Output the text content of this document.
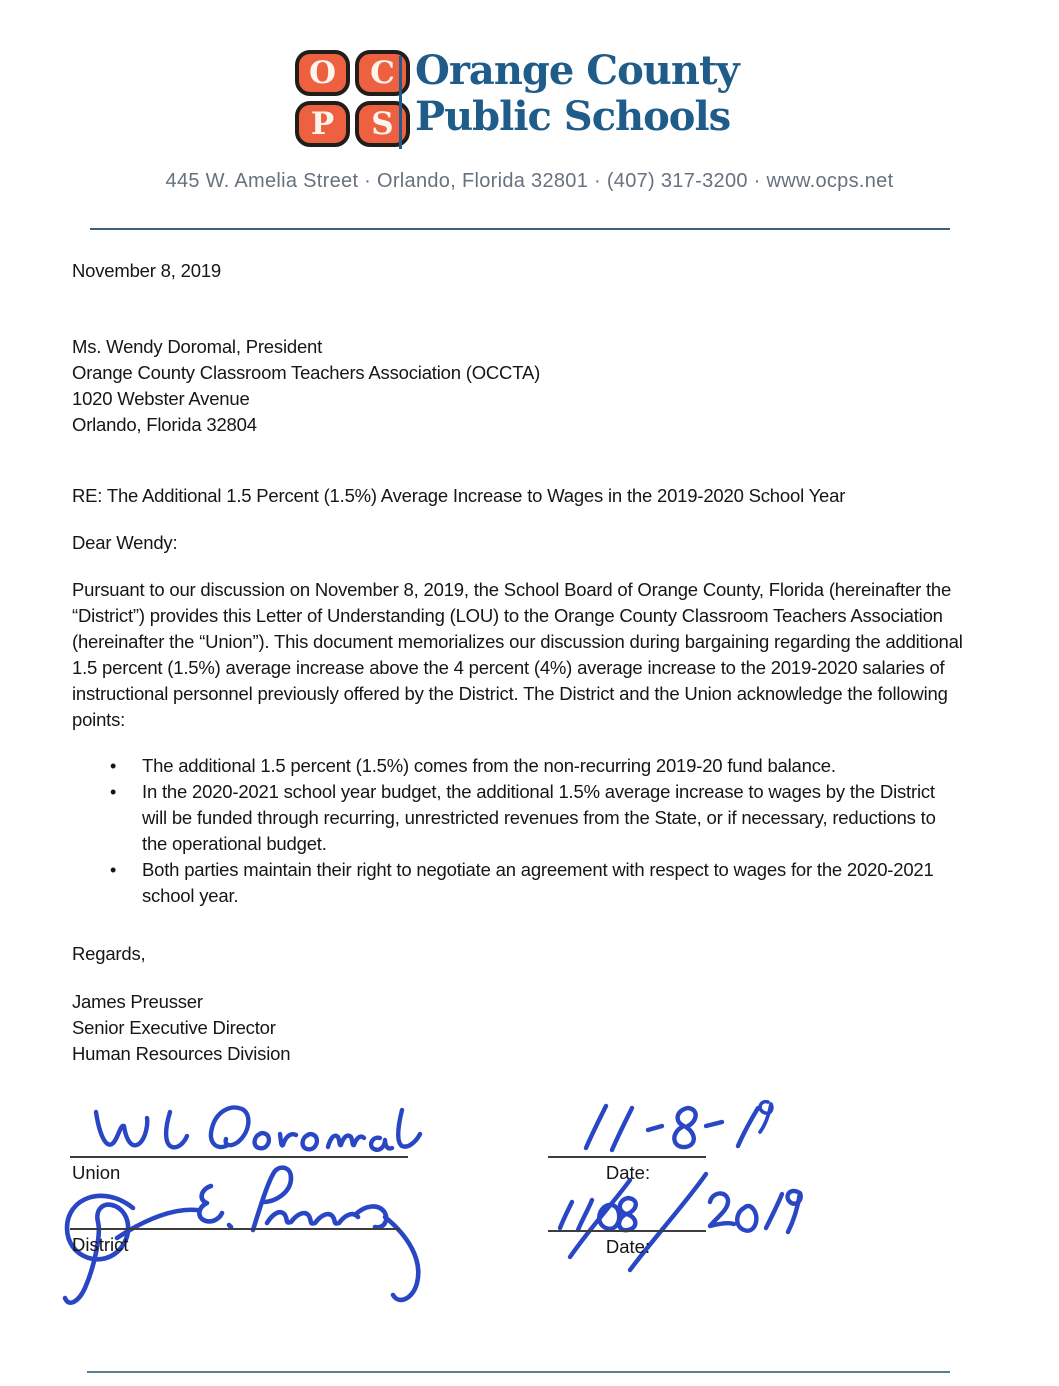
O	C
P	S
Orange County
Public Schools
445 W. Amelia Street · Orlando, Florida 32801 · (407) 317-3200 · www.ocps.net
November 8, 2019
Ms. Wendy Doromal, President
Orange County Classroom Teachers Association (OCCTA)
1020 Webster Avenue
Orlando, Florida 32804
RE: The Additional 1.5 Percent (1.5%) Average Increase to Wages in the 2019-2020 School Year
Dear Wendy:
Pursuant to our discussion on November 8, 2019, the School Board of Orange County, Florida (hereinafter the “District”) provides this Letter of Understanding (LOU) to the Orange County Classroom Teachers Association (hereinafter the “Union”). This document memorializes our discussion during bargaining regarding the additional 1.5 percent (1.5%) average increase above the 4 percent (4%) average increase to the 2019-2020 salaries of instructional personnel previously offered by the District. The District and the Union acknowledge the following points:
• The additional 1.5 percent (1.5%) comes from the non-recurring 2019-20 fund balance.
• In the 2020-2021 school year budget, the additional 1.5% average increase to wages by the District will be funded through recurring, unrestricted revenues from the State, or if necessary, reductions to the operational budget.
• Both parties maintain their right to negotiate an agreement with respect to wages for the 2020-2021 school year.
Regards,
James Preusser
Senior Executive Director
Human Resources Division
Union
District
Date:
Date:
